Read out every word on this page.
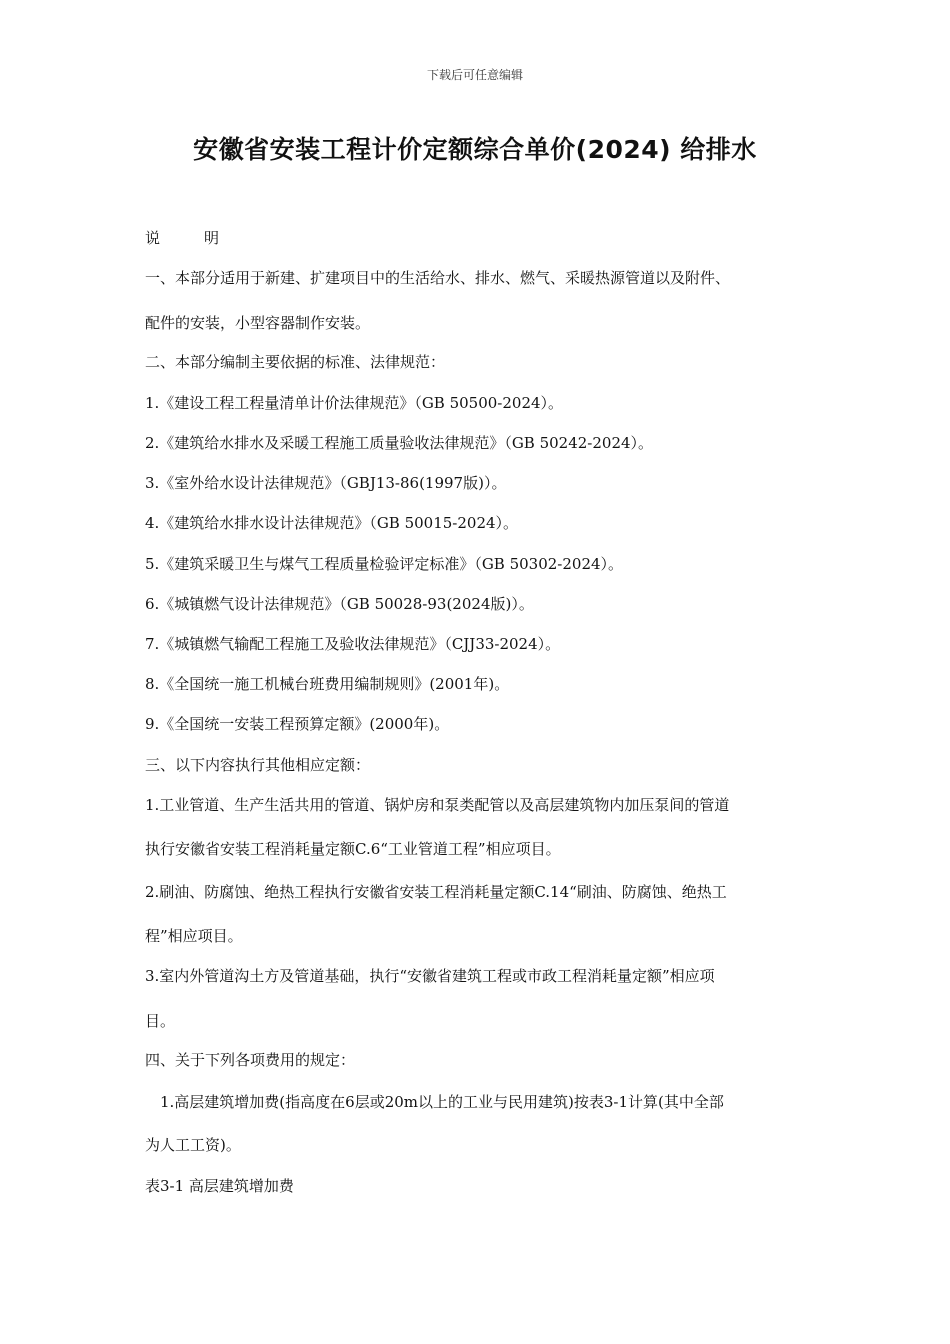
下载后可任意编辑
安徽省安装工程计价定额综合单价(2024) 给排水
说	明
一、本部分适用于新建、扩建项目中的生活给水、排水、燃气、采暖热源管道以及附件、
配件的安装，小型容器制作安装。
二、本部分编制主要依据的标准、法律规范：
1.《建设工程工程量清单计价法律规范》（GB 50500-2024）。
2.《建筑给水排水及采暖工程施工质量验收法律规范》（GB 50242-2024）。
3.《室外给水设计法律规范》（GBJ13-86(1997版)）。
4.《建筑给水排水设计法律规范》（GB 50015-2024）。
5.《建筑采暖卫生与煤气工程质量检验评定标准》（GB 50302-2024）。
6.《城镇燃气设计法律规范》（GB 50028-93(2024版)）。
7.《城镇燃气输配工程施工及验收法律规范》（CJJ33-2024）。
8.《全国统一施工机械台班费用编制规则》(2001年)。
9.《全国统一安装工程预算定额》(2000年)。
三、以下内容执行其他相应定额：
1.工业管道、生产生活共用的管道、锅炉房和泵类配管以及高层建筑物内加压泵间的管道
执行安徽省安装工程消耗量定额C.6“工业管道工程”相应项目。
2.刷油、防腐蚀、绝热工程执行安徽省安装工程消耗量定额C.14“刷油、防腐蚀、绝热工
程”相应项目。
3.室内外管道沟土方及管道基础，执行“安徽省建筑工程或市政工程消耗量定额”相应项
目。
四、关于下列各项费用的规定：
　1.高层建筑增加费(指高度在6层或20m以上的工业与民用建筑)按表3-1计算(其中全部
为人工工资)。
表3-1 高层建筑增加费
